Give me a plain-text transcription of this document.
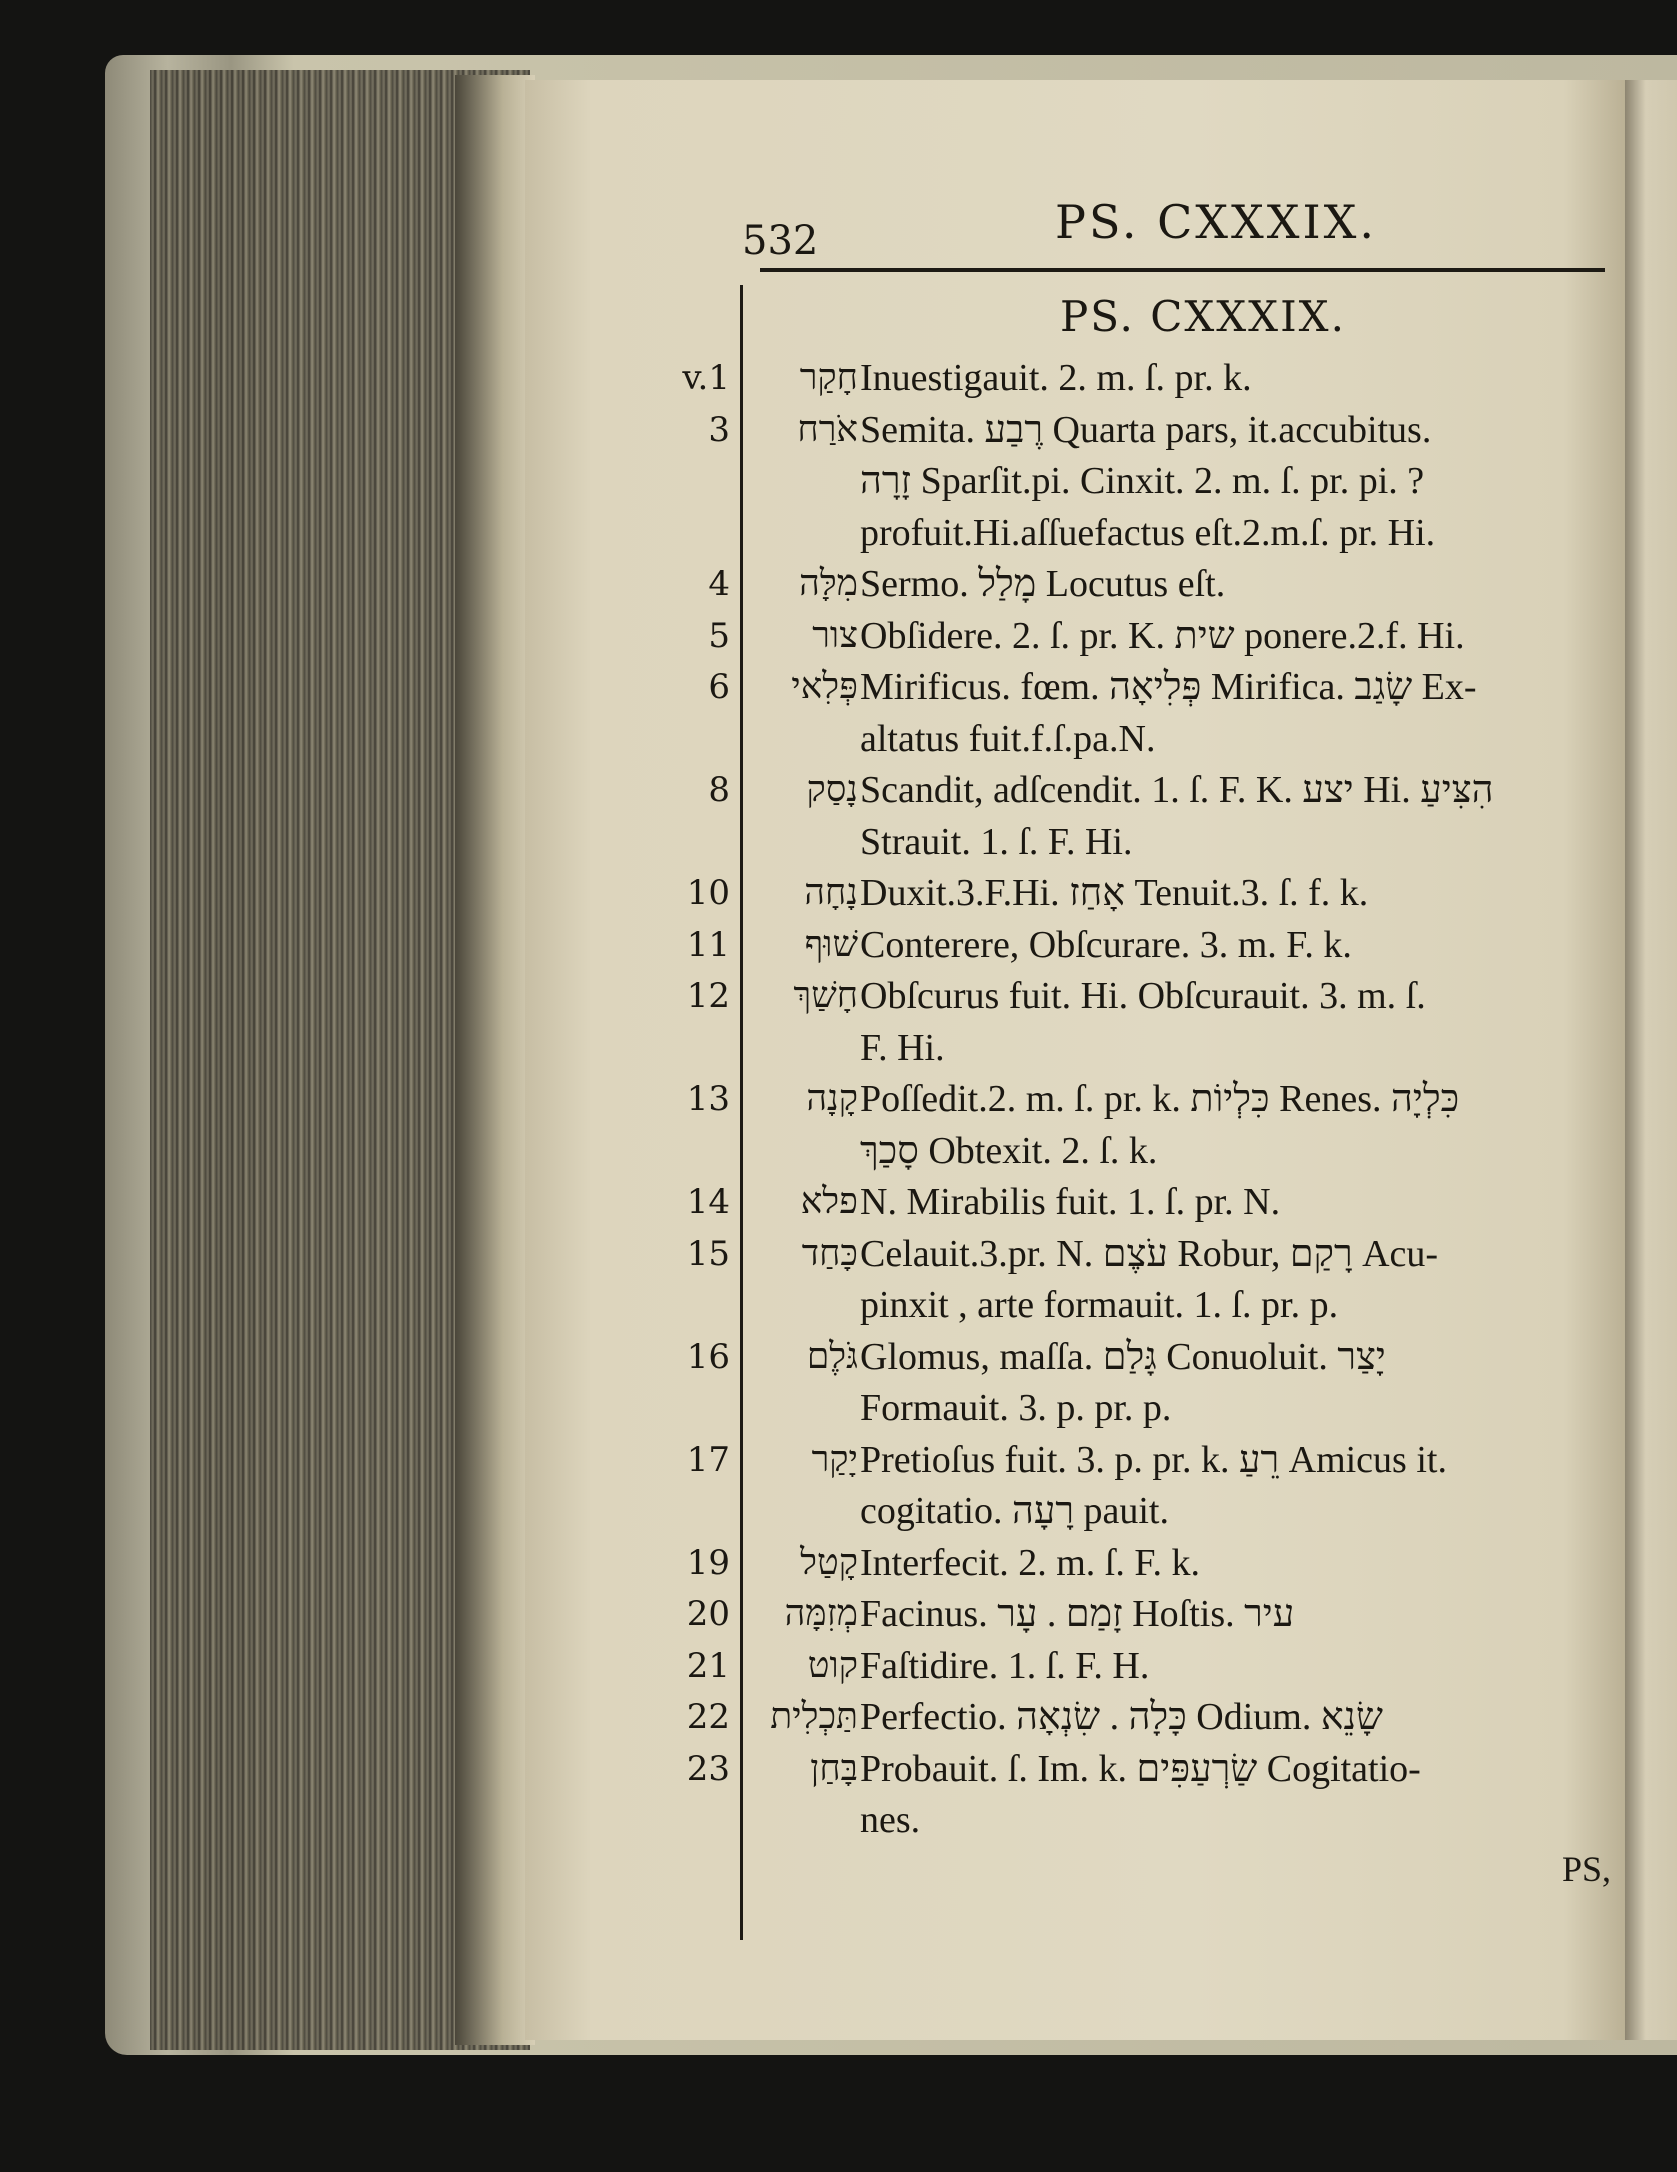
532	PS. CXXXIX.
PS. CXXXIX.
v.1	חָקַר Inuestigauit. 2. m. ſ. pr. k.
3	אֹרַח Semita. רֶבַע Quarta pars, it.accubitus.
זָרָה Sparſit.pi. Cinxit. 2. m. ſ. pr. pi. ?
profuit.Hi.aſſuefactus eſt.2.m.ſ. pr. Hi.
4	מִלָּה Sermo. מָלַל Locutus eſt.
5	צור Obſidere. 2. ſ. pr. K. שית ponere.2.f. Hi.
6	פְּלִאי Mirificus. fœm. פְּלִיאָה Mirifica. שָׂגַב Ex-
altatus fuit.f.ſ.pa.N.
8	נָסַק Scandit, adſcendit. 1. ſ. F. K. יצע Hi. הִצִּיעַ
Strauit. 1. ſ. F. Hi.
10	נָחָה Duxit.3.F.Hi. אָחַז Tenuit.3. ſ. f. k.
11	שׁוּף Conterere, Obſcurare. 3. m. F. k.
12	חָשַׁךְ Obſcurus fuit. Hi. Obſcurauit. 3. m. ſ.
F. Hi.
13	קָנָה Poſſedit.2. m. ſ. pr. k. כִּלְיוֹת Renes. כִּלְיָה
סָכַךְ Obtexit. 2. ſ. k.
14	פלא N. Mirabilis fuit. 1. ſ. pr. N.
15	כָּחַד Celauit.3.pr. N. עֹצֶם Robur, רָקַם Acu-
pinxit , arte formauit. 1. ſ. pr. p.
16	גֹּלֶם Glomus, maſſa. גָּלַם Conuoluit. יָצַר
Formauit. 3. p. pr. p.
17	יָקַר Pretioſus fuit. 3. p. pr. k. רֵעַ Amicus it.
cogitatio. רָעָה pauit.
19	קָטַל Interfecit. 2. m. ſ. F. k.
20	מְזִמָּה Facinus. זָמַם . עָר Hoſtis. עיר
21	קוט Faſtidire. 1. ſ. F. H.
22	תַּכְלִית Perfectio. כָּלָה . שִׂנְאָה Odium. שָׂנֵא
23	בָּחַן Probauit. ſ. Im. k. שַׂרְעַפִּים Cogitatio-
nes.
PS,
